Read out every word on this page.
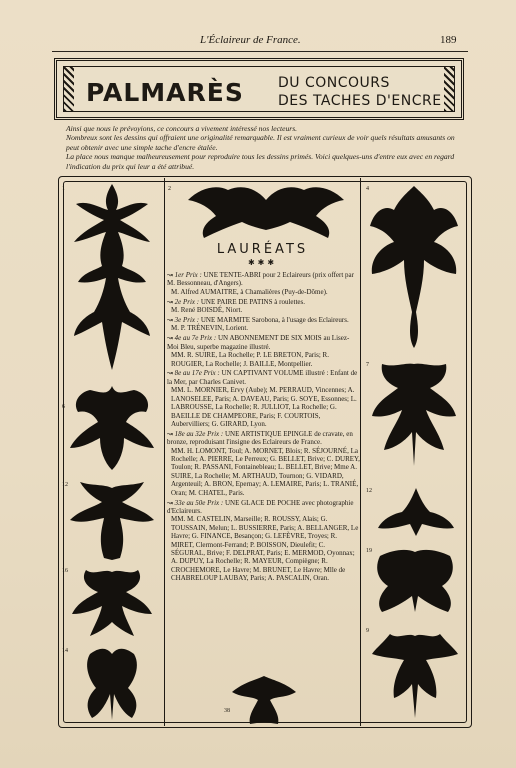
L'Éclaireur de France.	189
PALMARÈS DU CONCOURS
DES TACHES D'ENCRE

Ainsi que nous le prévoyions, ce concours a vivement intéressé nos lecteurs.

Nombreux sont les dessins qui offraient une originalité remarquable. Il est vraiment curieux de voir quels résultats amusants on peut obtenir avec une simple tache d'encre étalée.

La place nous manque malheureusement pour reproduire tous les dessins primés. Voici quelques-uns d'entre eux avec en regard l'indication du prix qui leur a été attribué.

1
6
12
16
14
2
38
4
7
12
19
9
LAURÉATS
✱✱✱
↝ 1er Prix : UNE TENTE-ABRI pour 2 Eclaireurs (prix offert par M. Bessonneau, d'Angers).
M. Alfred AUMAITRE, à Chamalières (Puy-de-Dôme).
↝ 2e Prix : UNE PAIRE DE PATINS à roulettes.
M. René BOISDÉ, Niort.
↝ 3e Prix : UNE MARMITE Sarobona, à l'usage des Eclaireurs.
M. P. TRÉNEVIN, Lorient.
↝ 4e au 7e Prix : UN ABONNEMENT DE SIX MOIS au Lisez-Moi Bleu, superbe magazine illustré.
MM. R. SUIRE, La Rochelle; P. LE BRETON, Paris; R. ROUGIER, La Rochelle; J. BAILLE, Montpellier.
↝ 8e au 17e Prix : UN CAPTIVANT VOLUME illustré : Enfant de la Mer, par Charles Canivet.
MM. L. MORNIER, Ervy (Aube); M. PERRAUD, Vincennes; A. LANOSELEE, Paris; A. DAVEAU, Paris; G. SOYE, Essonnes; L. LABROUSSE, La Rochelle; R. JULLIOT, La Rochelle; G. BAEILLE DE CHAMPEORE, Paris; F. COURTOIS, Aubervilliers; G. GIRARD, Lyon.
↝ 18e au 32e Prix : UNE ARTISTIQUE EPINGLE de cravate, en bronze, reproduisant l'insigne des Eclaireurs de France.
MM. H. LOMONT, Toul; A. MORNET, Blois; R. SÉJOURNÉ, La Rochelle; A. PIERRE, Le Perreux; G. BELLET, Brive; C. DUREY, Toulon; R. PASSANI, Fontainebleau; L. BELLET, Brive; Mme A. SUIRE, La Rochelle; M. ARTHAUD, Tournon; G. VIDARD, Argenteuil; A. BRON, Epernay; A. LEMAIRE, Paris; L. TRANIÉ, Oran; M. CHATEL, Paris.
↝ 33e au 50e Prix : UNE GLACE DE POCHE avec photographie d'Eclaireurs.
MM. M. CASTELIN, Marseille; R. ROUSSY, Alais; G. TOUSSAIN, Melun; L. BUSSIERRE, Paris; A. BELLANGER, Le Havre; G. FINANCE, Besançon; G. LEFÈVRE, Troyes; R. MIRET, Clermont-Ferrand; P. BOISSON, Dieulefit; C. SÉGURAL, Brive; F. DELPRAT, Paris; E. MERMOD, Oyonnax; A. DUPUY, La Rochelle; R. MAYEUR, Compiègne; R. CROCHEMORE, Le Havre; M. BRUNET, Le Havre; Mlle de CHABRELOUP LAUBAY, Paris; A. PASCALIN, Oran.
